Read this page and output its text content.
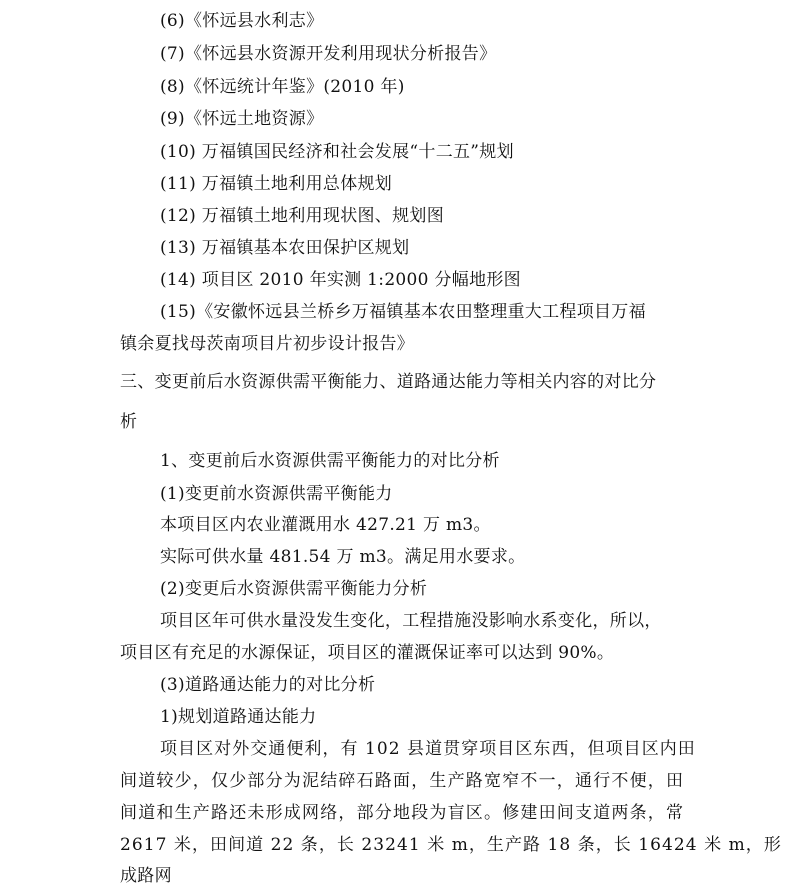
(6)《怀远县水利志》
(7)《怀远县水资源开发利用现状分析报告》
(8)《怀远统计年鉴》(2010 年)
(9)《怀远土地资源》
(10) 万福镇国民经济和社会发展“十二五”规划
(11) 万福镇土地利用总体规划
(12) 万福镇土地利用现状图、规划图
(13) 万福镇基本农田保护区规划
(14) 项目区 2010 年实测 1:2000 分幅地形图
(15)《安徽怀远县兰桥乡万福镇基本农田整理重大工程项目万福
镇余夏找母茨南项目片初步设计报告》
三、变更前后水资源供需平衡能力、道路通达能力等相关内容的对比分
析
1、变更前后水资源供需平衡能力的对比分析
(1)变更前水资源供需平衡能力
本项目区内农业灌溉用水 427.21 万 m3。
实际可供水量 481.54 万 m3。满足用水要求。
(2)变更后水资源供需平衡能力分析
项目区年可供水量没发生变化，工程措施没影响水系变化，所以，
项目区有充足的水源保证，项目区的灌溉保证率可以达到 90%。
(3)道路通达能力的对比分析
1)规划道路通达能力
项目区对外交通便利，有 102 县道贯穿项目区东西，但项目区内田
间道较少，仅少部分为泥结碎石路面，生产路宽窄不一，通行不便，田
间道和生产路还未形成网络，部分地段为盲区。修建田间支道两条，常
2617 米，田间道 22 条，长 23241 米 m，生产路 18 条，长 16424 米 m，形
成路网
